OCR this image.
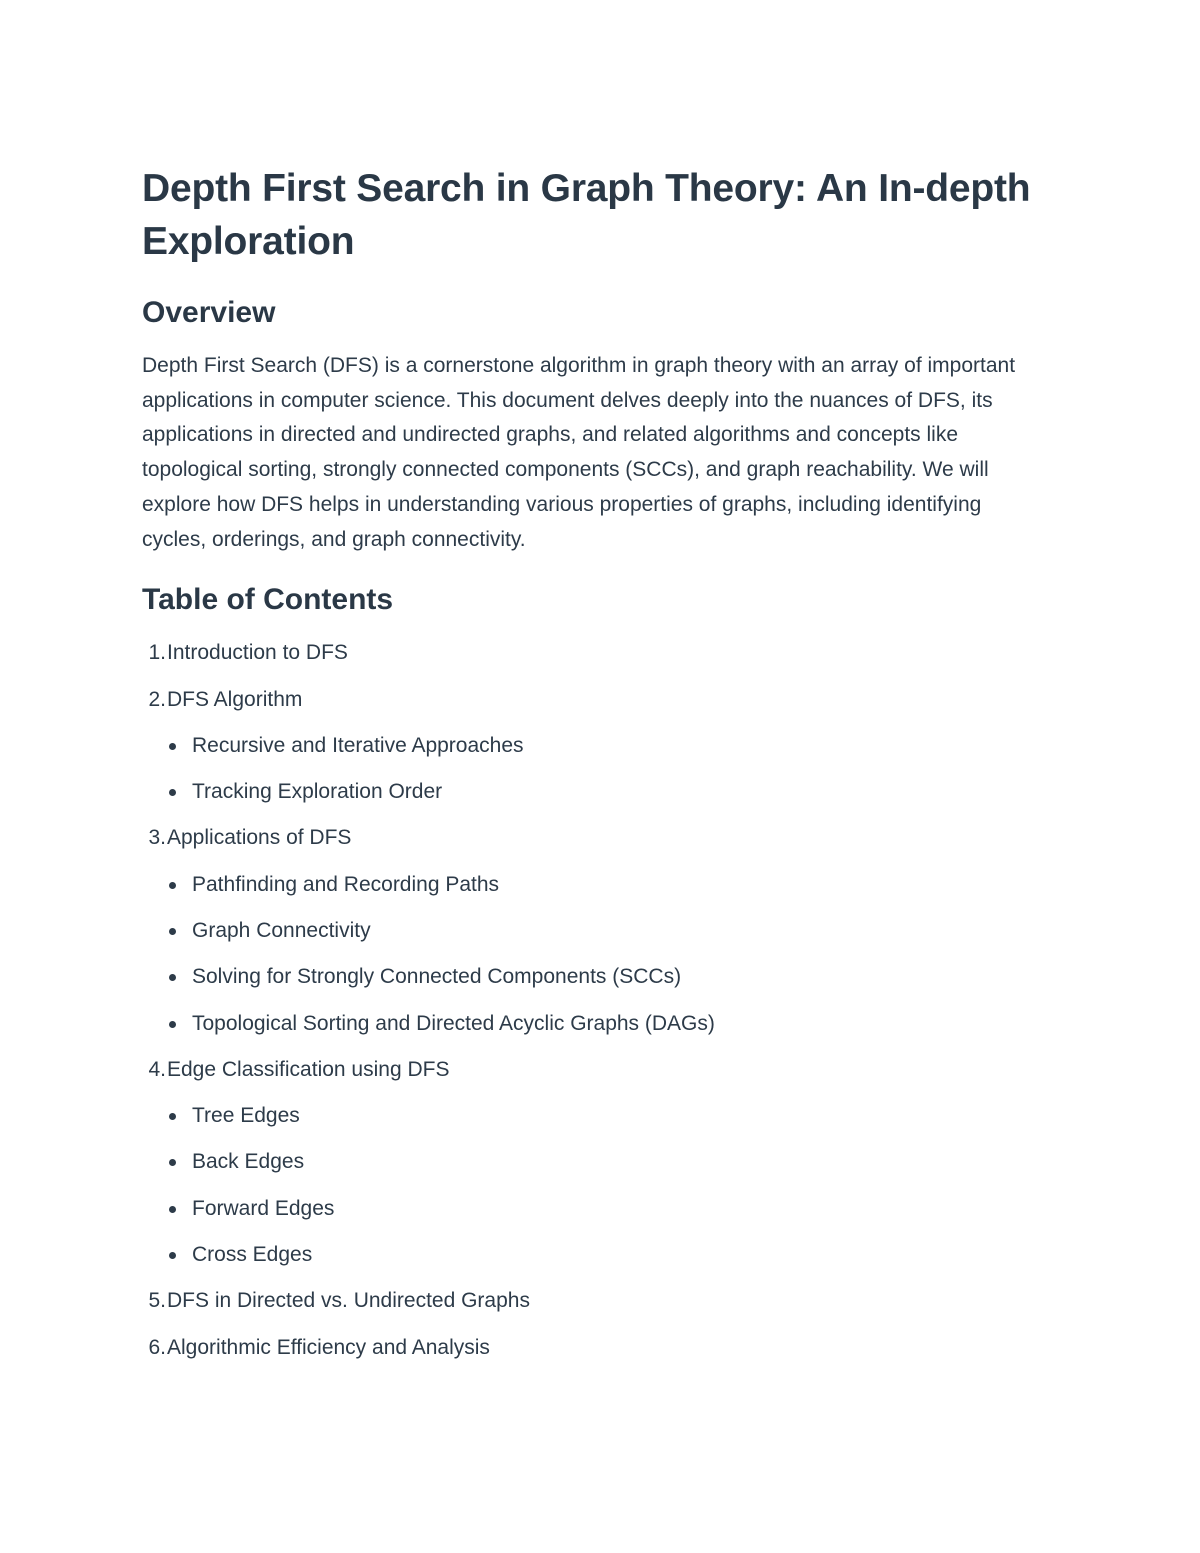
Depth First Search in Graph Theory: An In-depth Exploration
Overview

Depth First Search (DFS) is a cornerstone algorithm in graph theory with an array of important applications in computer science. This document delves deeply into the nuances of DFS, its applications in directed and undirected graphs, and related algorithms and concepts like topological sorting, strongly connected components (SCCs), and graph reachability. We will explore how DFS helps in understanding various properties of graphs, including identifying cycles, orderings, and graph connectivity.

Table of Contents
1. Introduction to DFS
2. DFS Algorithm
Recursive and Iterative Approaches
Tracking Exploration Order
3. Applications of DFS
Pathfinding and Recording Paths
Graph Connectivity
Solving for Strongly Connected Components (SCCs)
Topological Sorting and Directed Acyclic Graphs (DAGs)
4. Edge Classification using DFS
Tree Edges
Back Edges
Forward Edges
Cross Edges
5. DFS in Directed vs. Undirected Graphs
6. Algorithmic Efficiency and Analysis
